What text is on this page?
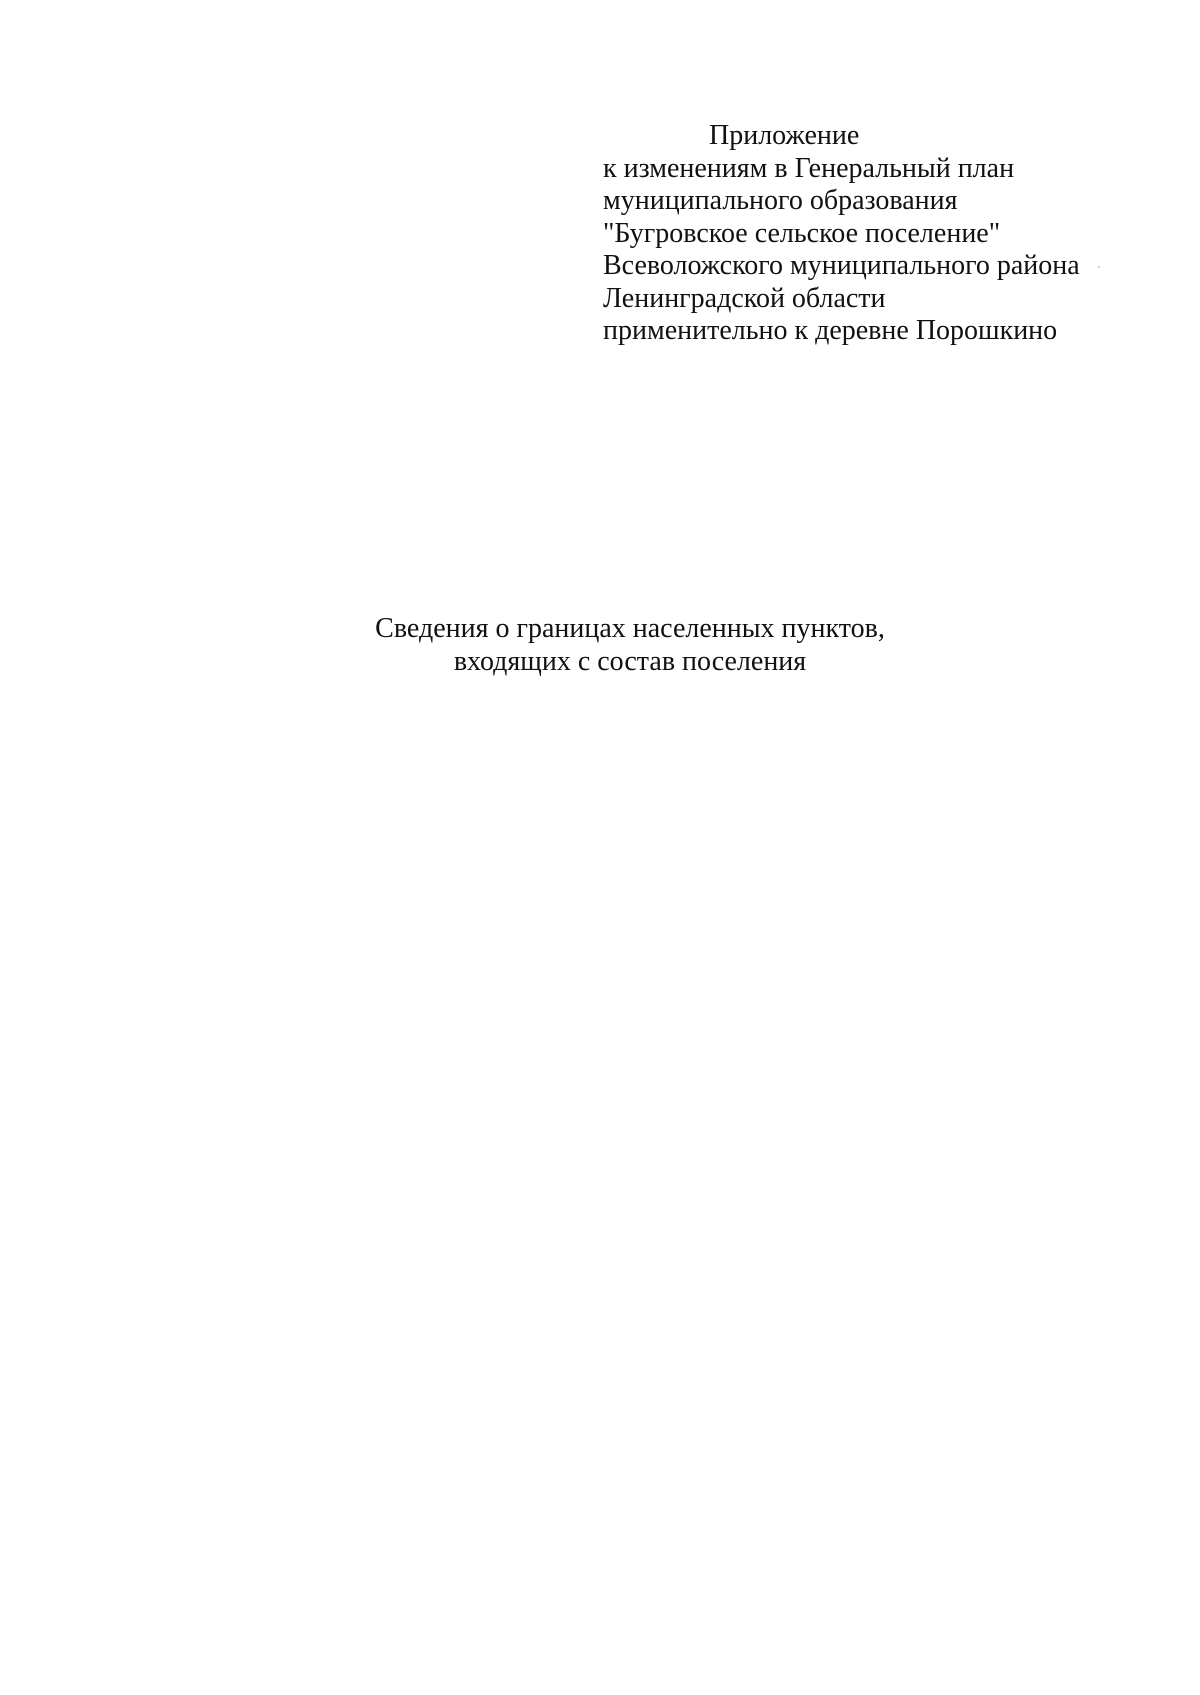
Приложение
к изменениям в Генеральный план
муниципального образования
"Бугровское сельское поселение"
Всеволожского муниципального района
Ленинградской области
применительно к деревне Порошкино
Сведения о границах населенных пунктов,
входящих с состав поселения
